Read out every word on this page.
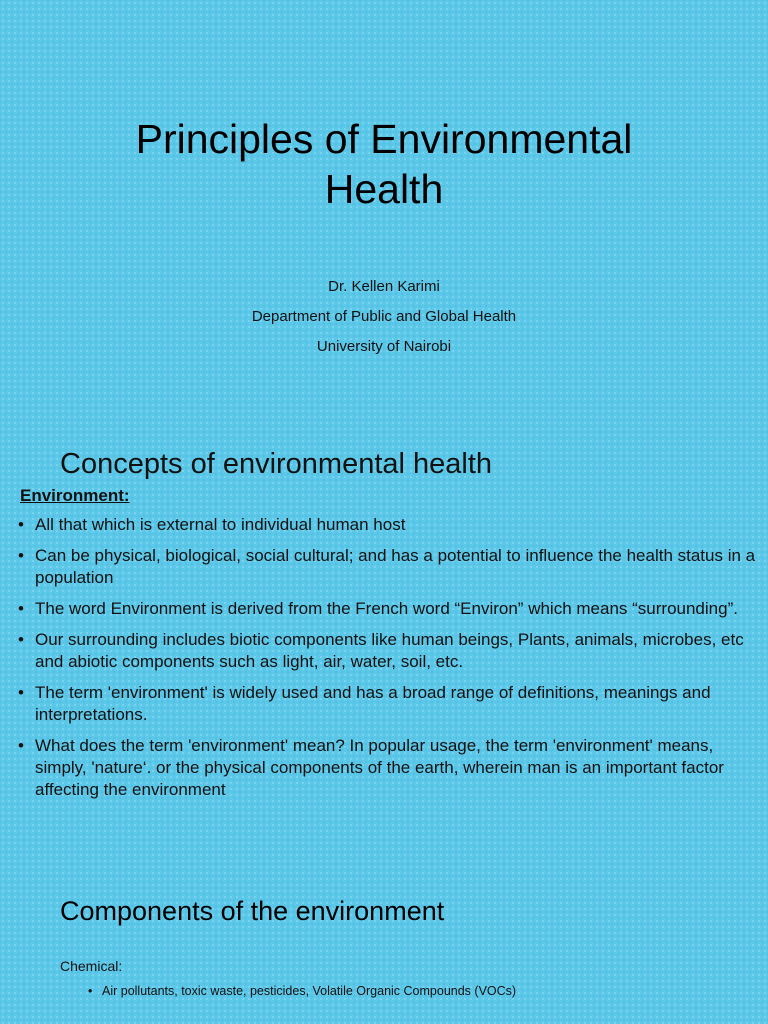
Principles of Environmental
Health
Dr. Kellen Karimi
Department of Public and Global Health
University of Nairobi
Concepts of environmental health
Environment:
• All that which is external to individual human host
• Can be physical, biological, social cultural; and has a potential to influence the health status in a population
• The word Environment is derived from the French word “Environ” which means “surrounding”.
• Our surrounding includes biotic components like human beings, Plants, animals, microbes, etc and abiotic components such as light, air, water, soil, etc.
• The term 'environment' is widely used and has a broad range of definitions, meanings and interpretations.
• What does the term 'environment' mean? In popular usage, the term 'environment' means, simply, 'nature‘. or the physical components of the earth, wherein man is an important factor affecting the environment
Components of the environment
Chemical:
• Air pollutants, toxic waste, pesticides, Volatile Organic Compounds (VOCs)
